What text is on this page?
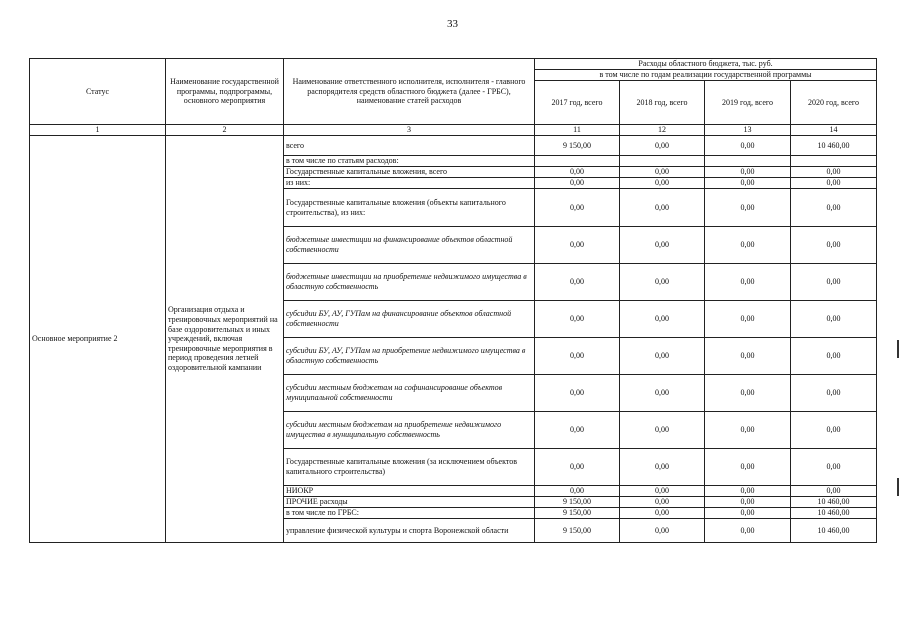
33
Статус	Наименование государственной программы, подпрограммы, основного мероприятия	Наименование ответственного исполнителя, исполнителя - главного распорядителя средств областного бюджета (далее - ГРБС), наименование статей расходов	Расходы областного бюджета, тыс. руб.			
			в том числе по годам реализации государственной программы			
			2017 год, всего	2018 год, всего	2019 год, всего	2020 год, всего
1	2	3	11	12	13	14
Основное мероприятие 2	Организация отдыха и тренировочных мероприятий на базе оздоровительных и иных учреждений, включая тренировочные мероприятия в период проведения летней оздоровительной кампании	всего	9 150,00	0,00	0,00	10 460,00
		в том числе по статьям расходов:				
		Государственные капитальные вложения, всего	0,00	0,00	0,00	0,00
		из них:	0,00	0,00	0,00	0,00
		Государственные капитальные вложения (объекты капитального строительства), из них:	0,00	0,00	0,00	0,00
		бюджетные инвестиции на финансирование объектов областной собственности	0,00	0,00	0,00	0,00
		бюджетные инвестиции на приобретение недвижимого имущества в областную собственность	0,00	0,00	0,00	0,00
		субсидии БУ, АУ, ГУПам на финансирование объектов областной собственности	0,00	0,00	0,00	0,00
		субсидии БУ, АУ, ГУПам на приобретение недвижимого имущества в областную собственность	0,00	0,00	0,00	0,00
		субсидии местным бюджетам на софинансирование объектов муниципальной собственности	0,00	0,00	0,00	0,00
		субсидии местным бюджетам на приобретение недвижимого имущества в муниципальную собственность	0,00	0,00	0,00	0,00
		Государственные капитальные вложения (за исключением объектов капитального строительства)	0,00	0,00	0,00	0,00
		НИОКР	0,00	0,00	0,00	0,00
		ПРОЧИЕ расходы	9 150,00	0,00	0,00	10 460,00
		в том числе по ГРБС:	9 150,00	0,00	0,00	10 460,00
		управление физической культуры и спорта Воронежской области	9 150,00	0,00	0,00	10 460,00
